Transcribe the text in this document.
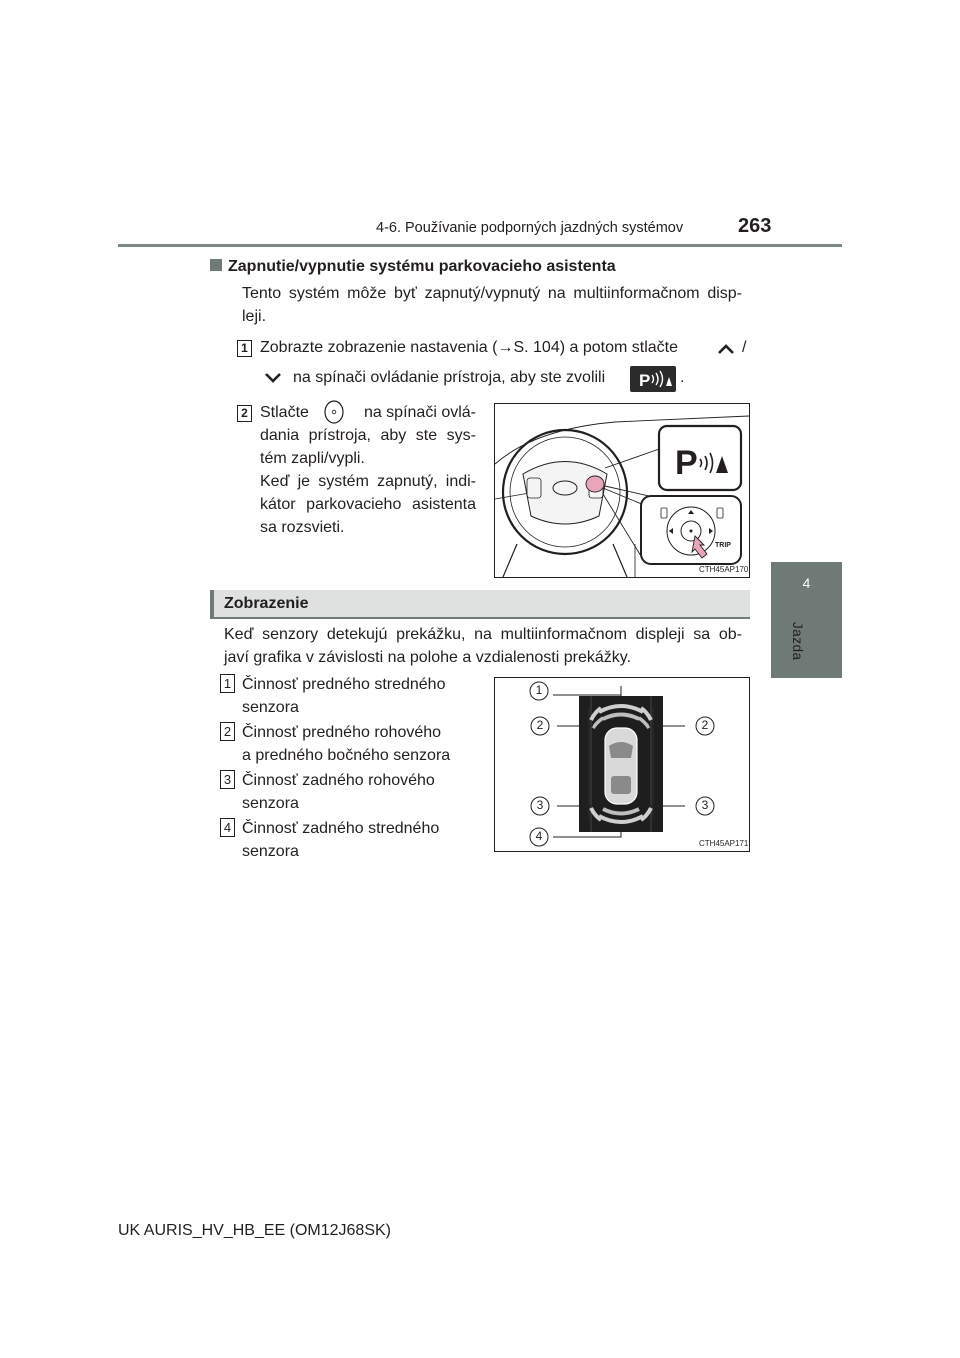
4-6. Používanie podporných jazdných systémov	263
4
Jazda
Zapnutie/vypnutie systému parkovacieho asistenta
Tento systém môže byť zapnutý/vypnutý na multiinformačnom disp-
leji.
1 Zobrazte zobrazenie nastavenia (→S. 104) a potom stlačte	/
na spínači ovládanie prístroja, aby ste zvolili P .
2 Stlačte	na spínači ovlá-
dania prístroja, aby ste sys-
tém zapli/vypli.
Keď je systém zapnutý, indi-
kátor parkovacieho asistenta
sa rozsvieti.
P
TRIP
CTH45AP170
Zobrazenie
Keď senzory detekujú prekážku, na multiinformačnom displeji sa ob-
javí grafika v závislosti na polohe a vzdialenosti prekážky.
1 Činnosť predného stredného
senzora
2 Činnosť predného rohového
a predného bočného senzora
3 Činnosť zadného rohového
senzora
4 Činnosť zadného stredného
senzora
1
2	2
3	3
4
CTH45AP171
UK AURIS_HV_HB_EE (OM12J68SK)
